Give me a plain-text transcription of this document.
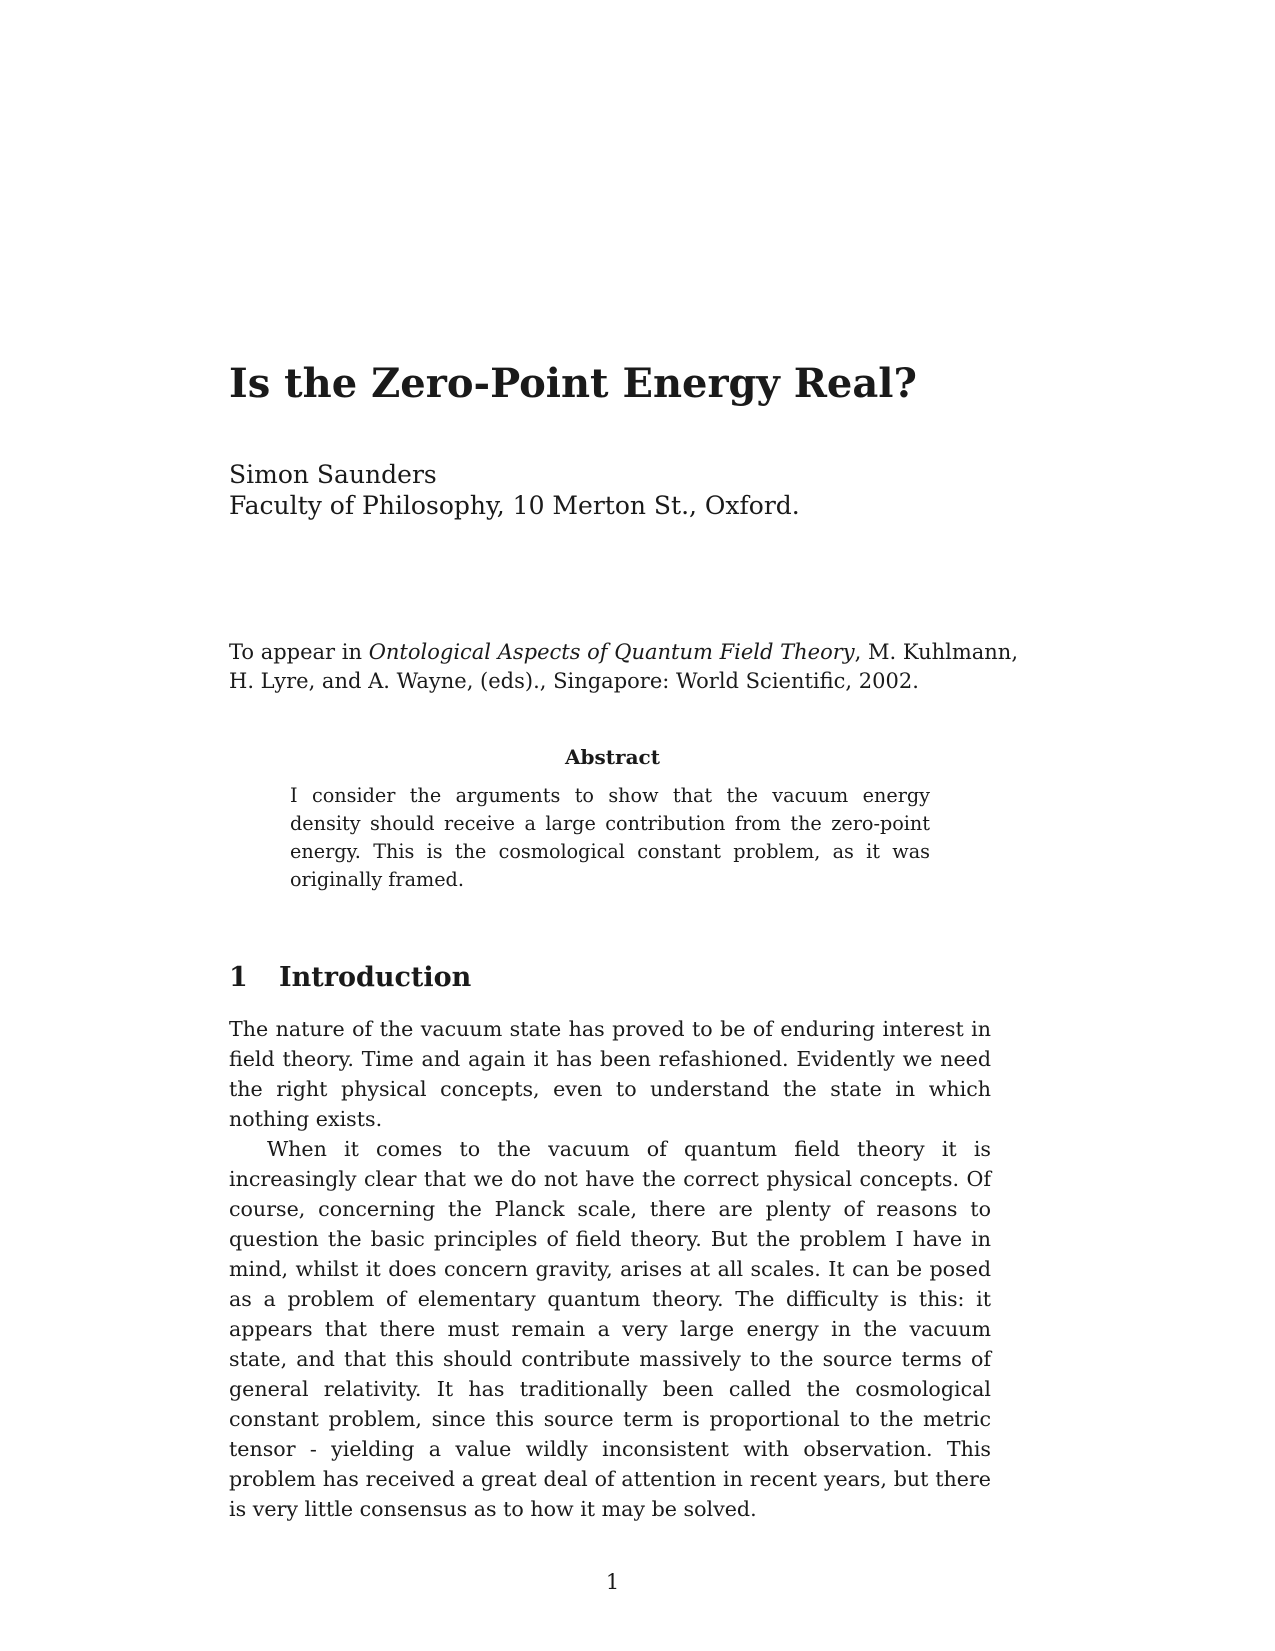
Is the Zero-Point Energy Real?
Simon Saunders
Faculty of Philosophy, 10 Merton St., Oxford.
To appear in Ontological Aspects of Quantum Field Theory, M. Kuhlmann,
H. Lyre, and A. Wayne, (eds)., Singapore: World Scientific, 2002.
Abstract
I consider the arguments to show that the vacuum energy density should receive a large contribution from the zero-point energy. This is the cosmological constant problem, as it was originally framed.
1 Introduction

The nature of the vacuum state has proved to be of enduring interest in field theory. Time and again it has been refashioned. Evidently we need the right physical concepts, even to understand the state in which nothing exists.

When it comes to the vacuum of quantum field theory it is increasingly clear that we do not have the correct physical concepts. Of course, concerning the Planck scale, there are plenty of reasons to question the basic principles of field theory. But the problem I have in mind, whilst it does concern gravity, arises at all scales. It can be posed as a problem of elementary quantum theory. The difficulty is this: it appears that there must remain a very large energy in the vacuum state, and that this should contribute massively to the source terms of general relativity. It has traditionally been called the cosmological constant problem, since this source term is proportional to the metric tensor - yielding a value wildly inconsistent with observation. This problem has received a great deal of attention in recent years, but there is very little consensus as to how it may be solved.

1
